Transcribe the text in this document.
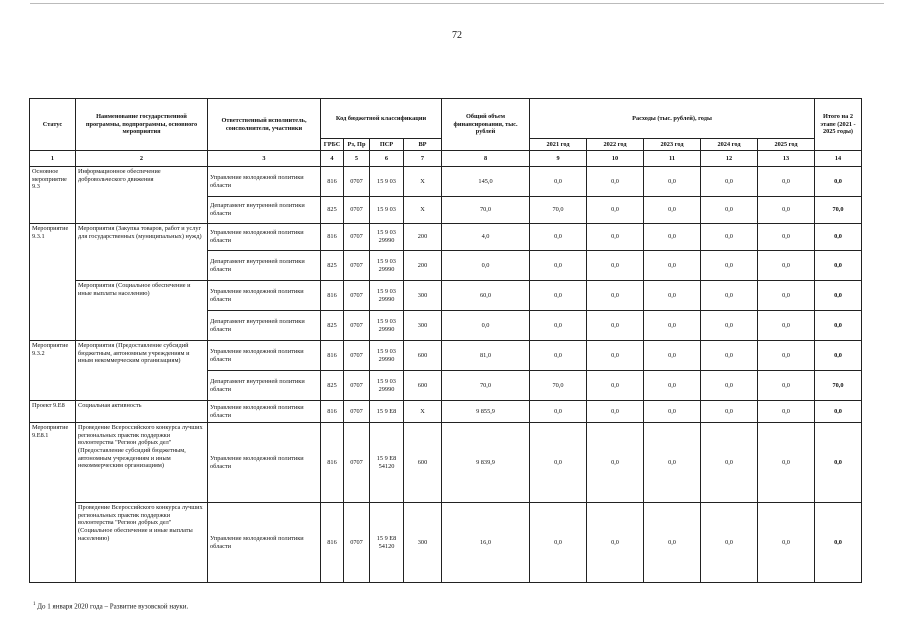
72
Статус	Наименование государственной программы, подпрограммы, основного мероприятия	Ответственный исполнитель, соисполнители, участники	Код бюджетной классификации				Общий объем финансирования, тыс. рублей	Расходы (тыс. рублей), годы					Итого на 2 этапе (2021 - 2025 годы)
			ГРБС	Рз, Пр	ПСР	ВР		2021 год	2022 год	2023 год	2024 год	2025 год	
1	2	3	4	5	6	7	8	9	10	11	12	13	14
Основное мероприятие 9.3	Информационное обеспечение добровольческого движения	Управление молодежной политики области	816	0707	15 9 03	Х	145,0	0,0	0,0	0,0	0,0	0,0	0,0
		Департамент внутренней политики области	825	0707	15 9 03	Х	70,0	70,0	0,0	0,0	0,0	0,0	70,0
Мероприятие 9.3.1	Мероприятия (Закупка товаров, работ и услуг для государственных (муниципальных) нужд)	Управление молодежной политики области	816	0707	15 9 03 29990	200	4,0	0,0	0,0	0,0	0,0	0,0	0,0
		Департамент внутренней политики области	825	0707	15 9 03 29990	200	0,0	0,0	0,0	0,0	0,0	0,0	0,0
	Мероприятия (Социальное обеспечение и иные выплаты населению)	Управление молодежной политики области	816	0707	15 9 03 29990	300	60,0	0,0	0,0	0,0	0,0	0,0	0,0
		Департамент внутренней политики области	825	0707	15 9 03 29990	300	0,0	0,0	0,0	0,0	0,0	0,0	0,0
Мероприятие 9.3.2	Мероприятия (Предоставление субсидий бюджетным, автономным учреждениям и иным некоммерческим организациям)	Управление молодежной политики области	816	0707	15 9 03 29990	600	81,0	0,0	0,0	0,0	0,0	0,0	0,0
		Департамент внутренней политики области	825	0707	15 9 03 29990	600	70,0	70,0	0,0	0,0	0,0	0,0	70,0
Проект 9.Е8	Социальная активность	Управление молодежной политики области	816	0707	15 9 Е8	Х	9 855,9	0,0	0,0	0,0	0,0	0,0	0,0
Мероприятие 9.Е8.1	Проведение Всероссийского конкурса лучших региональных практик поддержки волонтерства "Регион добрых дел" (Предоставление субсидий бюджетным, автономным учреждениям и иным некоммерческим организациям)	Управление молодежной политики области	816	0707	15 9 Е8 54120	600	9 839,9	0,0	0,0	0,0	0,0	0,0	0,0
	Проведение Всероссийского конкурса лучших региональных практик поддержки волонтерства "Регион добрых дел" (Социальное обеспечение и иные выплаты населению)	Управление молодежной политики области	816	0707	15 9 Е8 54120	300	16,0	0,0	0,0	0,0	0,0	0,0	0,0
$^1$ До 1 января 2020 года – Развитие вузовской науки.
